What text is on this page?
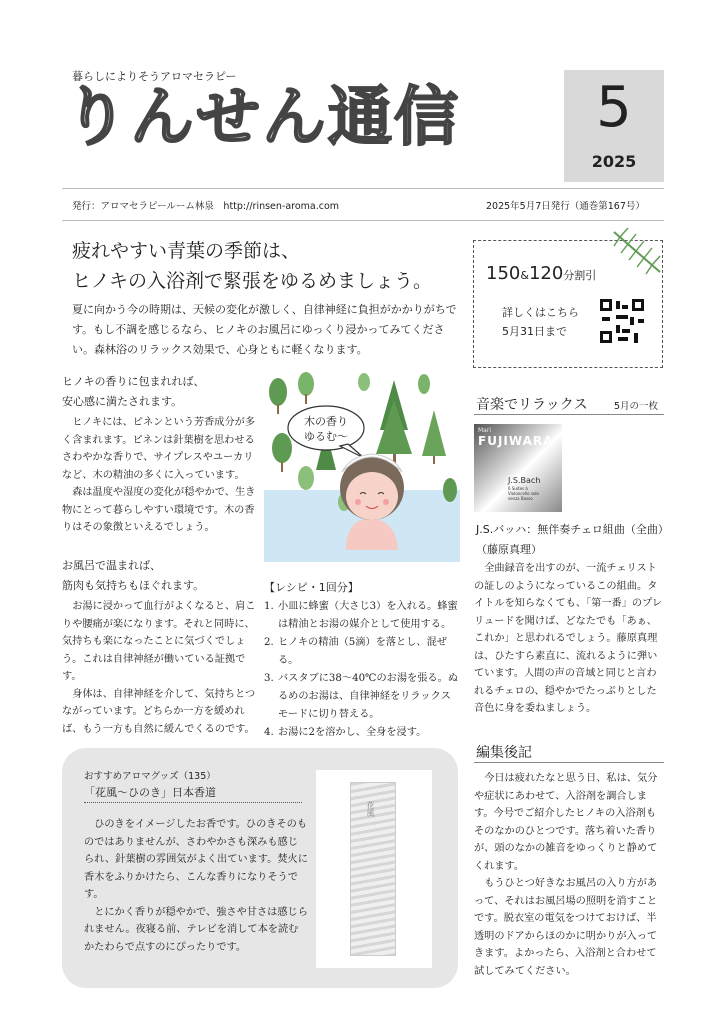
暮らしによりそうアロマセラピー
りんせん通信	5
2025
発行：アロマセラピールーム林泉　http://rinsen-aroma.com	2025年5月7日発行（通巻第167号）
疲れやすい青葉の季節は、
ヒノキの入浴剤で緊張をゆるめましょう。
夏に向かう今の時期は、天候の変化が激しく、自律神経に負担がかかりがちです。もし不調を感じるなら、ヒノキのお風呂にゆっくり浸かってみてください。森林浴のリラックス効果で、心身ともに軽くなります。
ヒノキの香りに包まれれば、
安心感に満たされます。

ヒノキには、ピネンという芳香成分が多く含まれます。ピネンは針葉樹を思わせるさわやかな香りで、サイプレスやユーカリなど、木の精油の多くに入っています。

森は温度や湿度の変化が穏やかで、生き物にとって暮らしやすい環境です。木の香りはその象徴といえるでしょう。

お風呂で温まれば、
筋肉も気持ちもほぐれます。

お湯に浸かって血行がよくなると、肩こりや腰痛が楽になります。それと同時に、気持ちも楽になったことに気づくでしょう。これは自律神経が働いている証拠です。

身体は、自律神経を介して、気持ちとつながっています。どちらか一方を緩めれば、もう一方も自然に緩んでくるのです。

木の香り
ゆるむ～
【レシピ・1回分】
1. 小皿に蜂蜜（大さじ3）を入れる。蜂蜜は精油とお湯の媒介として使用する。
2. ヒノキの精油（5滴）を落とし、混ぜる。
3. バスタブに38～40℃のお湯を張る。ぬるめのお湯は、自律神経をリラックスモードに切り替える。
4. お湯に2を溶かし、全身を浸す。
150&120分割引
詳しくはこちら
5月31日まで
音楽でリラックス	5月の一枚
Mari
FUJIWARA
J.S.Bach
6 Suites à Violoncello solo senza Basso
J.S.バッハ：無伴奏チェロ組曲（全曲）
（藤原真理）
全曲録音を出すのが、一流チェリストの証しのようになっているこの組曲。タイトルを知らなくても、「第一番」のプレリュードを聞けば、どなたでも「あぁ、これか」と思われるでしょう。藤原真理は、ひたすら素直に、流れるように弾いています。人間の声の音域と同じと言われるチェロの、穏やかでたっぷりとした音色に身を委ねましょう。
編集後記

今日は疲れたなと思う日、私は、気分や症状にあわせて、入浴剤を調合します。今号でご紹介したヒノキの入浴剤もそのなかのひとつです。落ち着いた香りが、頭のなかの雑音をゆっくりと静めてくれます。

もうひとつ好きなお風呂の入り方があって、それはお風呂場の照明を消すことです。脱衣室の電気をつけておけば、半透明のドアからほのかに明かりが入ってきます。よかったら、入浴剤と合わせて試してみてください。

おすすめアロマグッズ（135）
「花風～ひのき」日本香道

ひのきをイメージしたお香です。ひのきそのものではありませんが、さわやかさも深みも感じられ、針葉樹の雰囲気がよく出ています。焚火に香木をふりかけたら、こんな香りになりそうです。

とにかく香りが穏やかで、強さや甘さは感じられません。夜寝る前、テレビを消して本を読むかたわらで点すのにぴったりです。

花風
